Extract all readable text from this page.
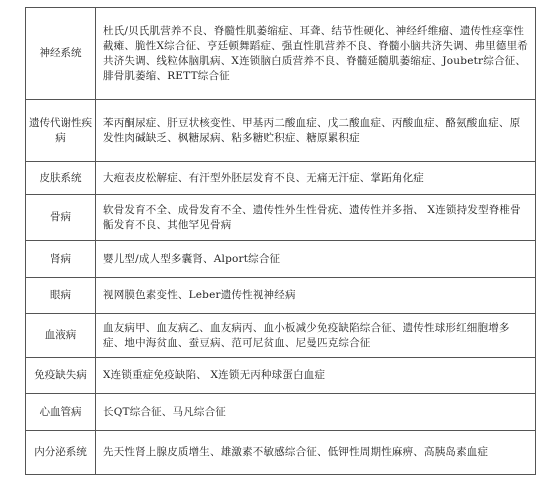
神经系统	杜氏/贝氏肌营养不良、脊髓性肌萎缩症、耳聋、结节性硬化、神经纤维瘤、遗传性痉挛性截瘫、脆性X综合征、亨廷顿舞蹈症、强直性肌营养不良、脊髓小脑共济失调、弗里德里希共济失调、线粒体脑肌病、X连锁脑白质营养不良、脊髓延髓肌萎缩症、Joubetr综合征、腓骨肌萎缩、RETT综合征
遗传代谢性疾病	苯丙酮尿症、肝豆状核变性、甲基丙二酸血症、戊二酸血症、丙酸血症、酪氨酸血症、原发性肉碱缺乏、枫糖尿病、粘多糖贮积症、糖原累积症
皮肤系统	大疱表皮松解症、有汗型外胚层发育不良、无痛无汗症、掌跖角化症
骨病	软骨发育不全、成骨发育不全、遗传性外生性骨疣、遗传性并多指、 X连锁持发型脊椎骨骺发育不良、其他罕见骨病
肾病	婴儿型/成人型多囊肾、Alport综合征
眼病	视网膜色素变性、Leber遗传性视神经病
血液病	血友病甲、血友病乙、血友病丙、血小板减少免疫缺陷综合征、遗传性球形红细胞增多症、地中海贫血、蚕豆病、范可尼贫血、尼曼匹克综合征
免疫缺失病	X连锁重症免疫缺陷、 X连锁无丙种球蛋白血症
心血管病	长QT综合征、马凡综合征
内分泌系统	先天性肾上腺皮质增生、雄激素不敏感综合征、低钾性周期性麻痹、高胰岛素血症
